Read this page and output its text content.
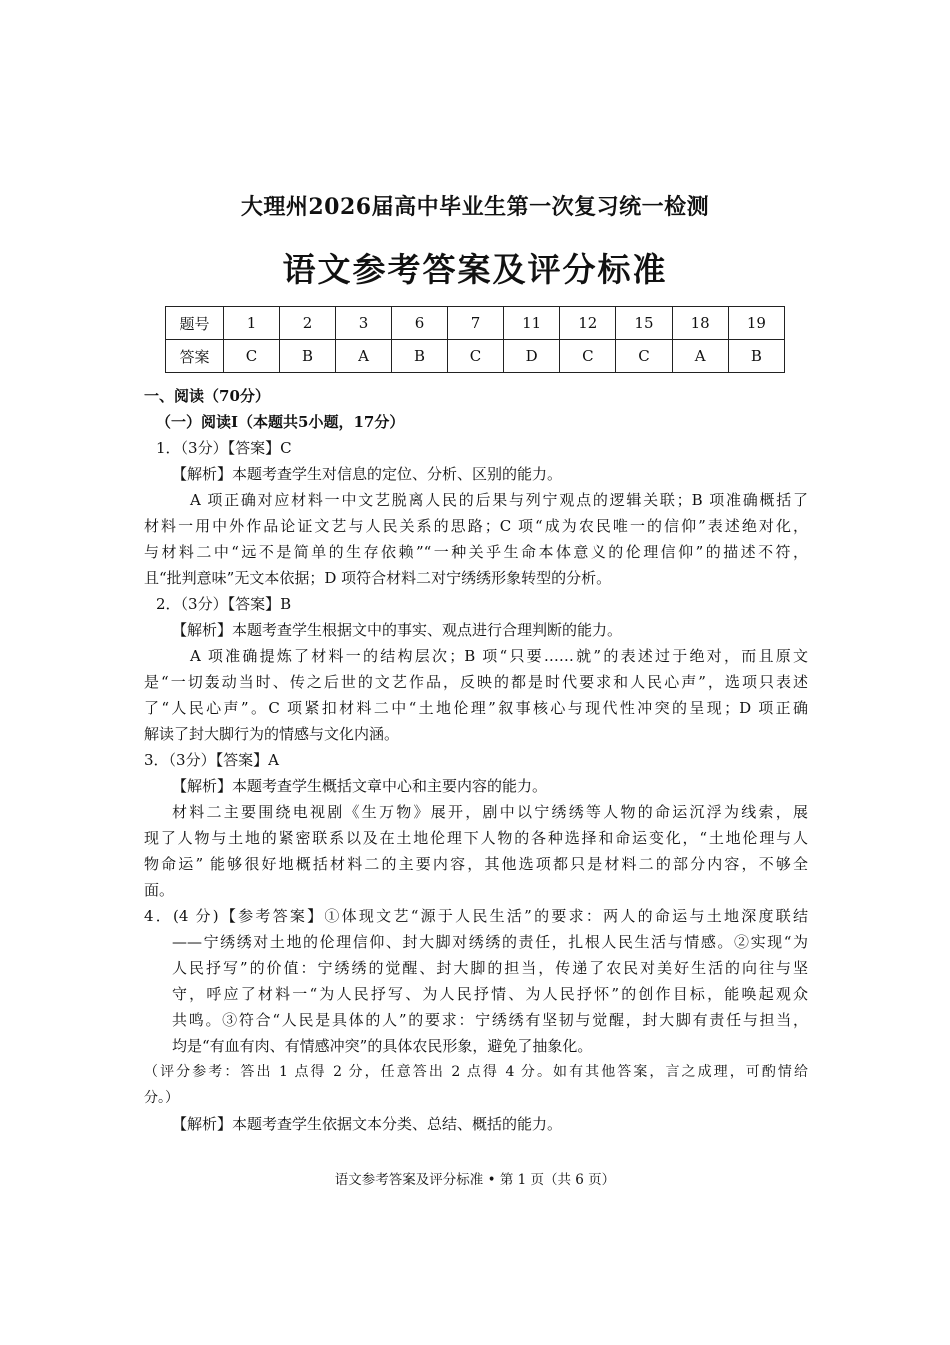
大理州2026届高中毕业生第一次复习统一检测
语文参考答案及评分标准
题号	1	2	3	6	7	11	12	15	18	19
答案	C	B	A	B	C	D	C	C	A	B
一、阅读（70分）
（一）阅读Ⅰ（本题共5小题，17分）
1．（3分）【答案】C
【解析】本题考查学生对信息的定位、分析、区别的能力。
A 项正确对应材料一中文艺脱离人民的后果与列宁观点的逻辑关联；B 项准确概括了
材料一用中外作品论证文艺与人民关系的思路；C 项“成为农民唯一的信仰”表述绝对化，
与材料二中“远不是简单的生存依赖”“一种关乎生命本体意义的伦理信仰”的描述不符，
且“批判意味”无文本依据；D 项符合材料二对宁绣绣形象转型的分析。
2．（3分）【答案】B
【解析】本题考查学生根据文中的事实、观点进行合理判断的能力。
A 项准确提炼了材料一的结构层次；B 项“只要……就”的表述过于绝对，而且原文
是“一切轰动当时、传之后世的文艺作品，反映的都是时代要求和人民心声”，选项只表述
了“人民心声”。C 项紧扣材料二中“土地伦理”叙事核心与现代性冲突的呈现；D 项正确
解读了封大脚行为的情感与文化内涵。
3．（3分）【答案】A
【解析】本题考查学生概括文章中心和主要内容的能力。
材料二主要围绕电视剧《生万物》展开，剧中以宁绣绣等人物的命运沉浮为线索，展
现了人物与土地的紧密联系以及在土地伦理下人物的各种选择和命运变化，“土地伦理与人
物命运” 能够很好地概括材料二的主要内容，其他选项都只是材料二的部分内容，不够全
面。
4．(4 分)【参考答案】①体现文艺“源于人民生活”的要求：两人的命运与土地深度联结
——宁绣绣对土地的伦理信仰、封大脚对绣绣的责任，扎根人民生活与情感。②实现“为
人民抒写”的价值：宁绣绣的觉醒、封大脚的担当，传递了农民对美好生活的向往与坚
守，呼应了材料一“为人民抒写、为人民抒情、为人民抒怀”的创作目标，能唤起观众
共鸣。③符合“人民是具体的人”的要求：宁绣绣有坚韧与觉醒，封大脚有责任与担当，
均是“有血有肉、有情感冲突”的具体农民形象，避免了抽象化。
（评分参考：答出 1 点得 2 分，任意答出 2 点得 4 分。如有其他答案，言之成理，可酌情给
分。）
【解析】本题考查学生依据文本分类、总结、概括的能力。
语文参考答案及评分标准 • 第 1 页（共 6 页）
